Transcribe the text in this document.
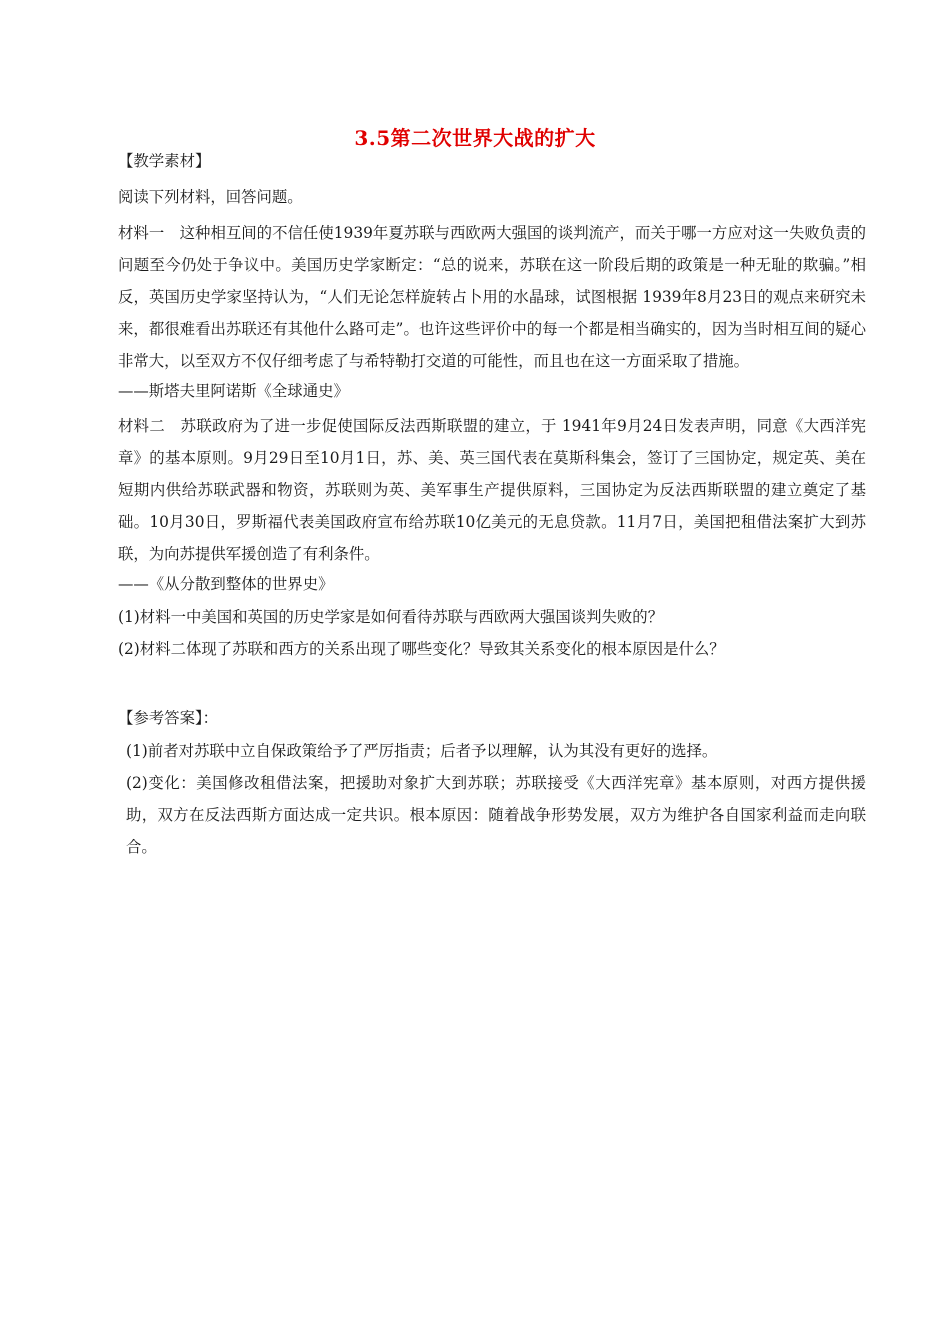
3.5第二次世界大战的扩大

【教学素材】

阅读下列材料，回答问题。

材料一　这种相互间的不信任使1939年夏苏联与西欧两大强国的谈判流产，而关于哪一方应对这一失败负责的问题至今仍处于争议中。美国历史学家断定：“总的说来，苏联在这一阶段后期的政策是一种无耻的欺骗。”相反，英国历史学家坚持认为，“人们无论怎样旋转占卜用的水晶球，试图根据 1939年8月23日的观点来研究未来，都很难看出苏联还有其他什么路可走”。也许这些评价中的每一个都是相当确实的，因为当时相互间的疑心非常大，以至双方不仅仔细考虑了与希特勒打交道的可能性，而且也在这一方面采取了措施。

——斯塔夫里阿诺斯《全球通史》

材料二　苏联政府为了进一步促使国际反法西斯联盟的建立，于 1941年9月24日发表声明，同意《大西洋宪章》的基本原则。9月29日至10月1日，苏、美、英三国代表在莫斯科集会，签订了三国协定，规定英、美在短期内供给苏联武器和物资，苏联则为英、美军事生产提供原料，三国协定为反法西斯联盟的建立奠定了基础。10月30日，罗斯福代表美国政府宣布给苏联10亿美元的无息贷款。11月7日，美国把租借法案扩大到苏联，为向苏提供军援创造了有利条件。

——《从分散到整体的世界史》

(1)材料一中美国和英国的历史学家是如何看待苏联与西欧两大强国谈判失败的？

(2)材料二体现了苏联和西方的关系出现了哪些变化？导致其关系变化的根本原因是什么？

【参考答案】：

(1)前者对苏联中立自保政策给予了严厉指责；后者予以理解，认为其没有更好的选择。

(2)变化：美国修改租借法案，把援助对象扩大到苏联；苏联接受《大西洋宪章》基本原则，对西方提供援助，双方在反法西斯方面达成一定共识。根本原因：随着战争形势发展，双方为维护各自国家利益而走向联合。
